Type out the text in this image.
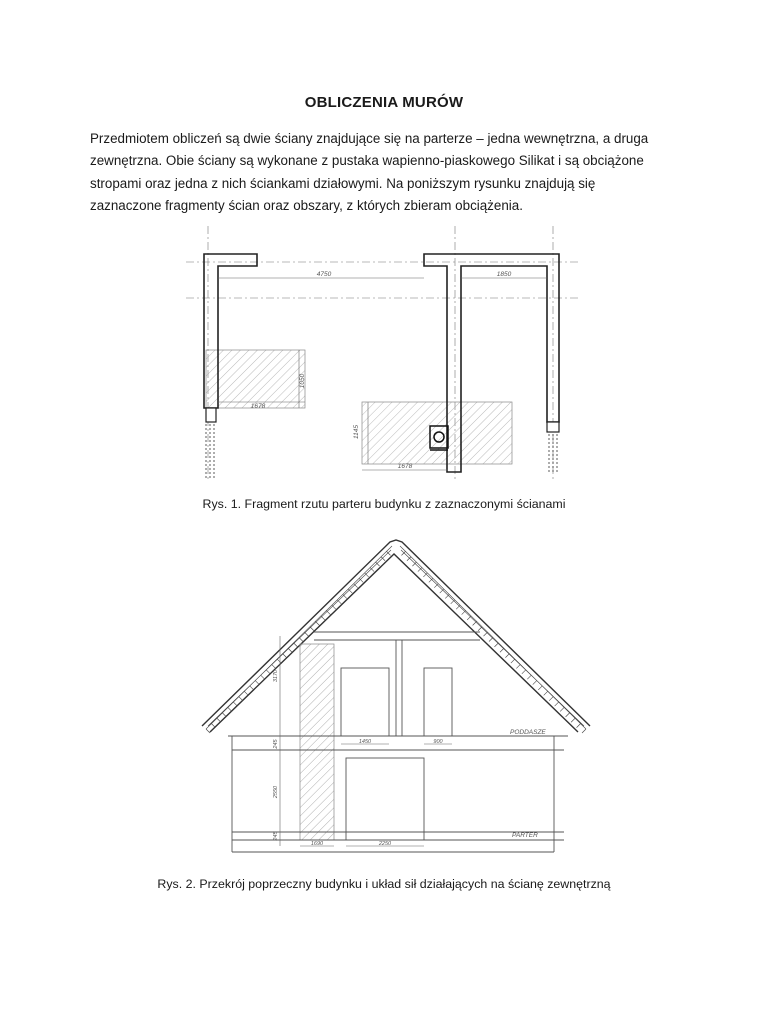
OBLICZENIA MURÓW
Przedmiotem obliczeń są dwie ściany znajdujące się na parterze – jedna wewnętrzna, a druga
zewnętrzna. Obie ściany są wykonane z pustaka wapienno-piaskowego Silikat i są obciążone
stropami oraz jedna z nich ściankami działowymi. Na poniższym rysunku znajdują się
zaznaczone fragmenty ścian oraz obszary, z których zbieram obciążenia.
4750	1850
1050
1678
1145
1678
Rys. 1. Fragment rzutu parteru budynku z zaznaczonymi ścianami
3170
245
2550
245
1450	900
1690	2250
PODDASZE
PARTER
Rys. 2. Przekrój poprzeczny budynku i układ sił działających na ścianę zewnętrzną
